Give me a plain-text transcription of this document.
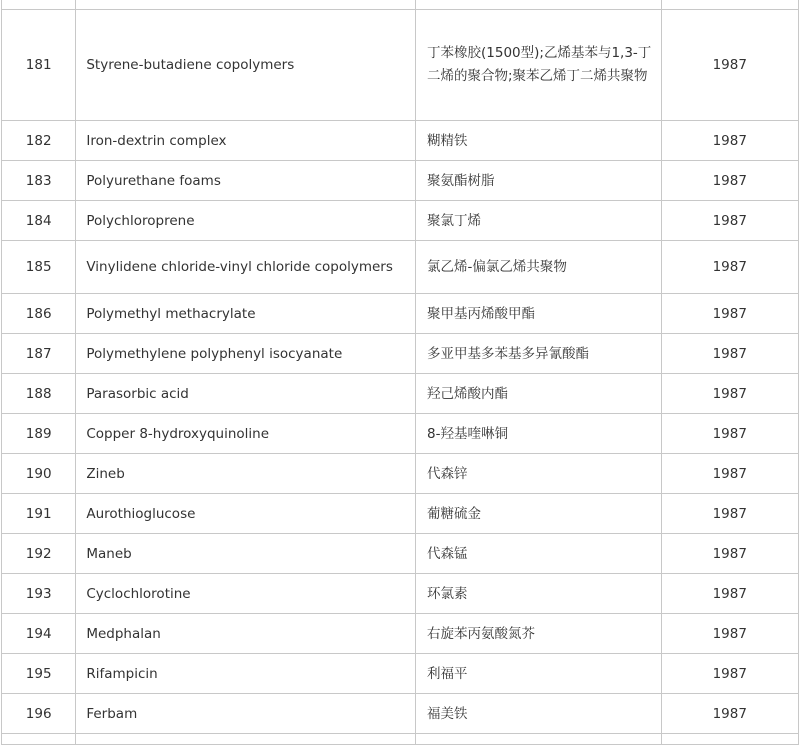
181	Styrene-butadiene copolymers	丁苯橡胶(1500型);乙烯基苯与1,3-丁二烯的聚合物;聚苯乙烯丁二烯共聚物	1987
182	Iron-dextrin complex	糊精铁	1987
183	Polyurethane foams	聚氨酯树脂	1987
184	Polychloroprene	聚氯丁烯	1987
185	Vinylidene chloride-vinyl chloride copolymers	氯乙烯-偏氯乙烯共聚物	1987
186	Polymethyl methacrylate	聚甲基丙烯酸甲酯	1987
187	Polymethylene polyphenyl isocyanate	多亚甲基多苯基多异氰酸酯	1987
188	Parasorbic acid	羟己烯酸内酯	1987
189	Copper 8-hydroxyquinoline	8-羟基喹啉铜	1987
190	Zineb	代森锌	1987
191	Aurothioglucose	葡糖硫金	1987
192	Maneb	代森锰	1987
193	Cyclochlorotine	环氯素	1987
194	Medphalan	右旋苯丙氨酸氮芥	1987
195	Rifampicin	利福平	1987
196	Ferbam	福美铁	1987
